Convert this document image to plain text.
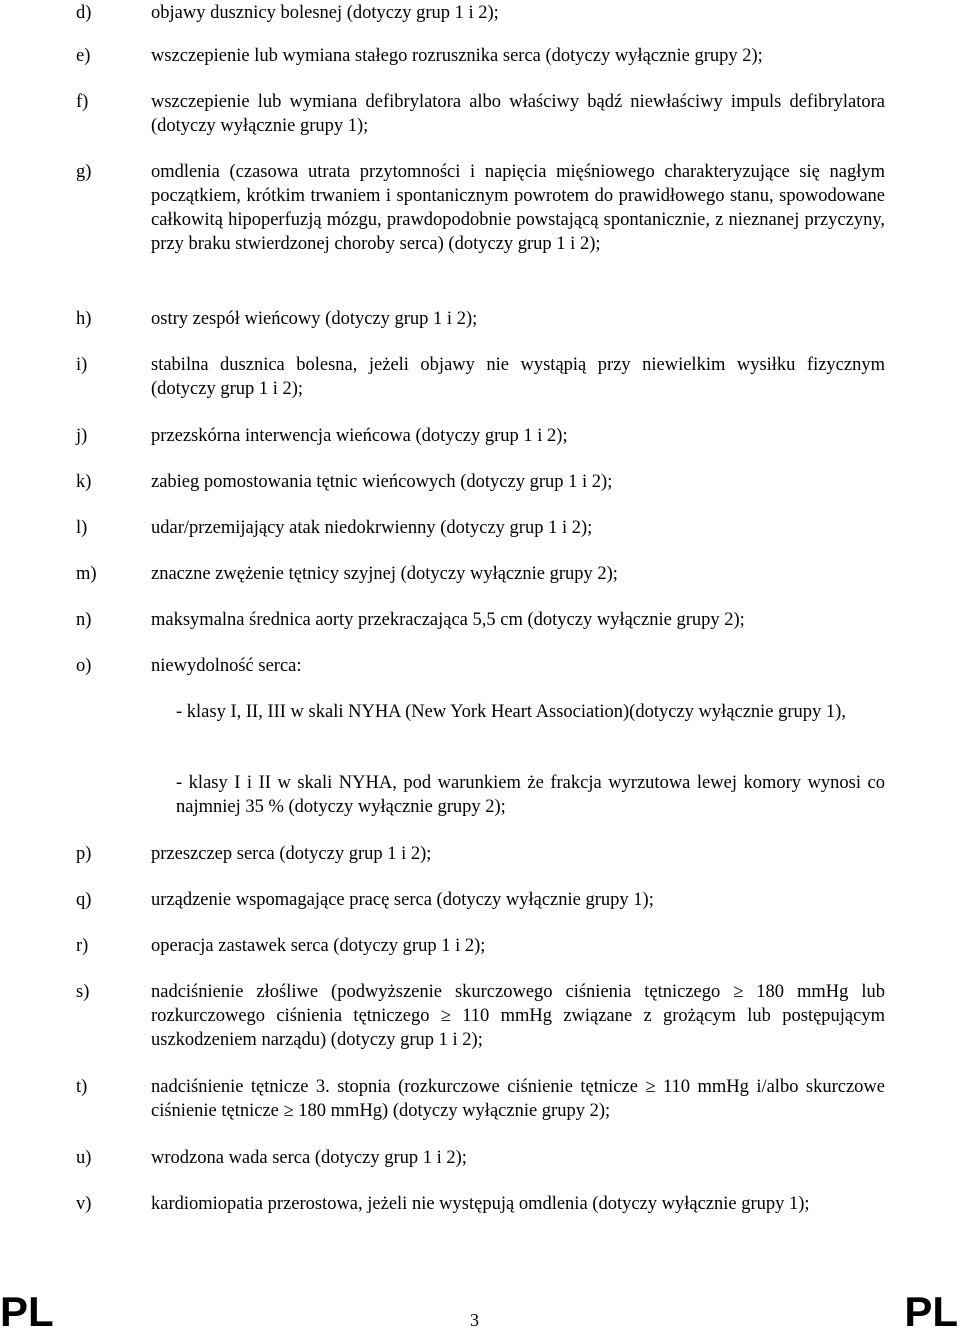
d)	objawy dusznicy bolesnej (dotyczy grup 1 i 2);
e)	wszczepienie lub wymiana stałego rozrusznika serca (dotyczy wyłącznie grupy 2);
f)	wszczepienie lub wymiana defibrylatora albo właściwy bądź niewłaściwy impuls defibrylatora (dotyczy wyłącznie grupy 1);
g)	omdlenia (czasowa utrata przytomności i napięcia mięśniowego charakteryzujące się nagłym początkiem, krótkim trwaniem i spontanicznym powrotem do prawidłowego stanu, spowodowane całkowitą hipoperfuzją mózgu, prawdopodobnie powstającą spontanicznie, z nieznanej przyczyny, przy braku stwierdzonej choroby serca) (dotyczy grup 1 i 2);
h)	ostry zespół wieńcowy (dotyczy grup 1 i 2);
i)	stabilna dusznica bolesna, jeżeli objawy nie wystąpią przy niewielkim wysiłku fizycznym (dotyczy grup 1 i 2);
j)	przezskórna interwencja wieńcowa (dotyczy grup 1 i 2);
k)	zabieg pomostowania tętnic wieńcowych (dotyczy grup 1 i 2);
l)	udar/przemijający atak niedokrwienny (dotyczy grup 1 i 2);
m)	znaczne zwężenie tętnicy szyjnej (dotyczy wyłącznie grupy 2);
n)	maksymalna średnica aorty przekraczająca 5,5 cm (dotyczy wyłącznie grupy 2);
o)	niewydolność serca:
- klasy I, II, III w skali NYHA (New York Heart Association)(dotyczy wyłącznie grupy 1),
- klasy I i II w skali NYHA, pod warunkiem że frakcja wyrzutowa lewej komory wynosi co najmniej 35 % (dotyczy wyłącznie grupy 2);
p)	przeszczep serca (dotyczy grup 1 i 2);
q)	urządzenie wspomagające pracę serca (dotyczy wyłącznie grupy 1);
r)	operacja zastawek serca (dotyczy grup 1 i 2);
s)	nadciśnienie złośliwe (podwyższenie skurczowego ciśnienia tętniczego ≥ 180 mmHg lub rozkurczowego ciśnienia tętniczego ≥ 110 mmHg związane z grożącym lub postępującym uszkodzeniem narządu) (dotyczy grup 1 i 2);
t)	nadciśnienie tętnicze 3. stopnia (rozkurczowe ciśnienie tętnicze ≥ 110 mmHg i/albo skurczowe ciśnienie tętnicze ≥ 180 mmHg) (dotyczy wyłącznie grupy 2);
u)	wrodzona wada serca (dotyczy grup 1 i 2);
v)	kardiomiopatia przerostowa, jeżeli nie występują omdlenia (dotyczy wyłącznie grupy 1);
PL	3	PL
